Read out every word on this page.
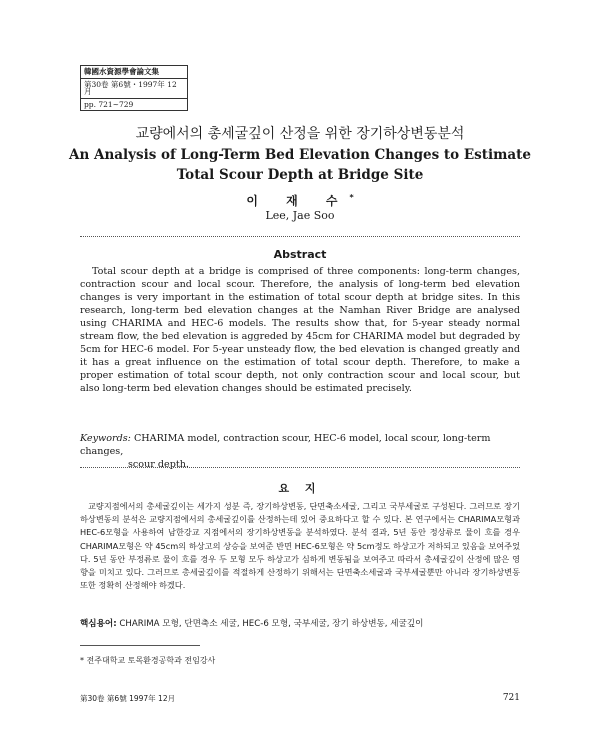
韓國水資源學會論文集
第30卷 第6號・1997年 12月
pp. 721~729
교량에서의 총세굴깊이 산정을 위한 장기하상변동분석
An Analysis of Long-Term Bed Elevation Changes to Estimate Total Scour Depth at Bridge Site
이 재 수*
Lee, Jae Soo
Abstract

Total scour depth at a bridge is comprised of three components: long-term changes, contraction scour and local scour. Therefore, the analysis of long-term bed elevation changes is very important in the estimation of total scour depth at bridge sites. In this research, long-term bed elevation changes at the Namhan River Bridge are analysed using CHARIMA and HEC-6 models. The results show that, for 5-year steady normal stream flow, the bed elevation is aggreded by 45cm for CHARIMA model but degraded by 5cm for HEC-6 model. For 5-year unsteady flow, the bed elevation is changed greatly and it has a great influence on the estimation of total scour depth. Therefore, to make a proper estimation of total scour depth, not only contraction scour and local scour, but also long-term bed elevation changes should be estimated precisely.

Keywords: CHARIMA model, contraction scour, HEC-6 model, local scour, long-term changes,
scour depth.
요 지

교량지점에서의 총세굴깊이는 세가지 성분 즉, 장기하상변동, 단면축소세굴, 그리고 국부세굴로 구성된다. 그러므로 장기하상변동의 분석은 교량지점에서의 총세굴깊이를 산정하는데 있어 중요하다고 할 수 있다. 본 연구에서는 CHARIMA모형과 HEC-6모형을 사용하여 남한강교 지점에서의 장기하상변동을 분석하였다. 분석 결과, 5년 동안 정상류로 물이 흐를 경우 CHARIMA모형은 약 45cm의 하상고의 상승을 보여준 반면 HEC-6모형은 약 5cm정도 하상고가 저하되고 있음을 보여주었다. 5년 동안 부정류로 물이 흐를 경우 두 모형 모두 하상고가 심하게 변동됨을 보여주고 따라서 총세굴깊이 산정에 많은 영향을 미치고 있다. 그러므로 총세굴깊이를 적절하게 산정하기 위해서는 단면축소세굴과 국부세굴뿐만 아니라 장기하상변동 또한 정확히 산정해야 하겠다.

핵심용어: CHARIMA 모형, 단면축소 세굴, HEC-6 모형, 국부세굴, 장기 하상변동, 세굴깊이
* 전주대학교 토목환경공학과 전임강사
第30卷 第6號 1997年 12月	721
